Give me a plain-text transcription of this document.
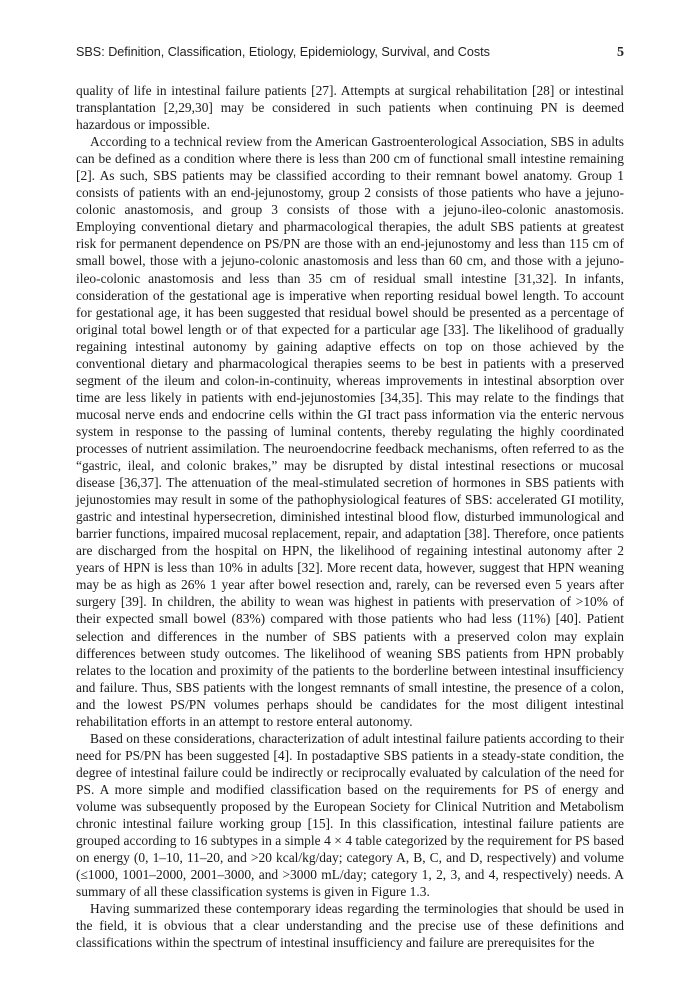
SBS: Definition, Classification, Etiology, Epidemiology, Survival, and Costs	5

quality of life in intestinal failure patients [27]. Attempts at surgical rehabilitation [28] or intestinal transplantation [2,29,30] may be considered in such patients when continuing PN is deemed hazardous or impossible.

According to a technical review from the American Gastroenterological Association, SBS in adults can be defined as a condition where there is less than 200 cm of functional small intestine remaining [2]. As such, SBS patients may be classified according to their remnant bowel anatomy. Group 1 consists of patients with an end-jejunostomy, group 2 consists of those patients who have a jejuno-colonic anastomosis, and group 3 consists of those with a jejuno-ileo-colonic anastomosis. Employing conventional dietary and pharmacological therapies, the adult SBS patients at greatest risk for permanent dependence on PS/PN are those with an end-jejunostomy and less than 115 cm of small bowel, those with a jejuno-colonic anastomosis and less than 60 cm, and those with a jejuno-ileo-colonic anastomosis and less than 35 cm of residual small intestine [31,32]. In infants, consideration of the gestational age is imperative when reporting residual bowel length. To account for gestational age, it has been suggested that residual bowel should be presented as a percentage of original total bowel length or of that expected for a particular age [33]. The likelihood of gradually regaining intestinal autonomy by gaining adaptive effects on top on those achieved by the conventional dietary and pharmacological therapies seems to be best in patients with a preserved segment of the ileum and colon-in-continuity, whereas improvements in intestinal absorption over time are less likely in patients with end-jejunostomies [34,35]. This may relate to the findings that mucosal nerve ends and endocrine cells within the GI tract pass information via the enteric nervous system in response to the passing of luminal contents, thereby regulating the highly coordinated processes of nutrient assimilation. The neuroendocrine feedback mechanisms, often referred to as the “gastric, ileal, and colonic brakes,” may be disrupted by distal intestinal resections or mucosal disease [36,37]. The attenuation of the meal-stimulated secretion of hormones in SBS patients with jejunostomies may result in some of the pathophysiological features of SBS: accelerated GI motility, gastric and intestinal hypersecretion, diminished intestinal blood flow, disturbed immunological and barrier functions, impaired mucosal replacement, repair, and adaptation [38]. Therefore, once patients are discharged from the hospital on HPN, the likelihood of regaining intestinal autonomy after 2 years of HPN is less than 10% in adults [32]. More recent data, however, suggest that HPN weaning may be as high as 26% 1 year after bowel resection and, rarely, can be reversed even 5 years after surgery [39]. In children, the ability to wean was highest in patients with preservation of >10% of their expected small bowel (83%) compared with those patients who had less (11%) [40]. Patient selection and differences in the number of SBS patients with a preserved colon may explain differences between study outcomes. The likelihood of weaning SBS patients from HPN probably relates to the location and proximity of the patients to the borderline between intestinal insufficiency and failure. Thus, SBS patients with the longest remnants of small intestine, the presence of a colon, and the lowest PS/PN volumes perhaps should be candidates for the most diligent intestinal rehabilitation efforts in an attempt to restore enteral autonomy.

Based on these considerations, characterization of adult intestinal failure patients according to their need for PS/PN has been suggested [4]. In postadaptive SBS patients in a steady-state condition, the degree of intestinal failure could be indirectly or reciprocally evaluated by calculation of the need for PS. A more simple and modified classification based on the requirements for PS of energy and volume was subsequently proposed by the European Society for Clinical Nutrition and Metabolism chronic intestinal failure working group [15]. In this classification, intestinal failure patients are grouped according to 16 subtypes in a simple 4 × 4 table categorized by the requirement for PS based on energy (0, 1–10, 11–20, and >20 kcal/kg/day; category A, B, C, and D, respectively) and volume (≤1000, 1001–2000, 2001–3000, and >3000 mL/day; category 1, 2, 3, and 4, respectively) needs. A summary of all these classification systems is given in Figure 1.3.

Having summarized these contemporary ideas regarding the terminologies that should be used in the field, it is obvious that a clear understanding and the precise use of these definitions and classifications within the spectrum of intestinal insufficiency and failure are prerequisites for the
